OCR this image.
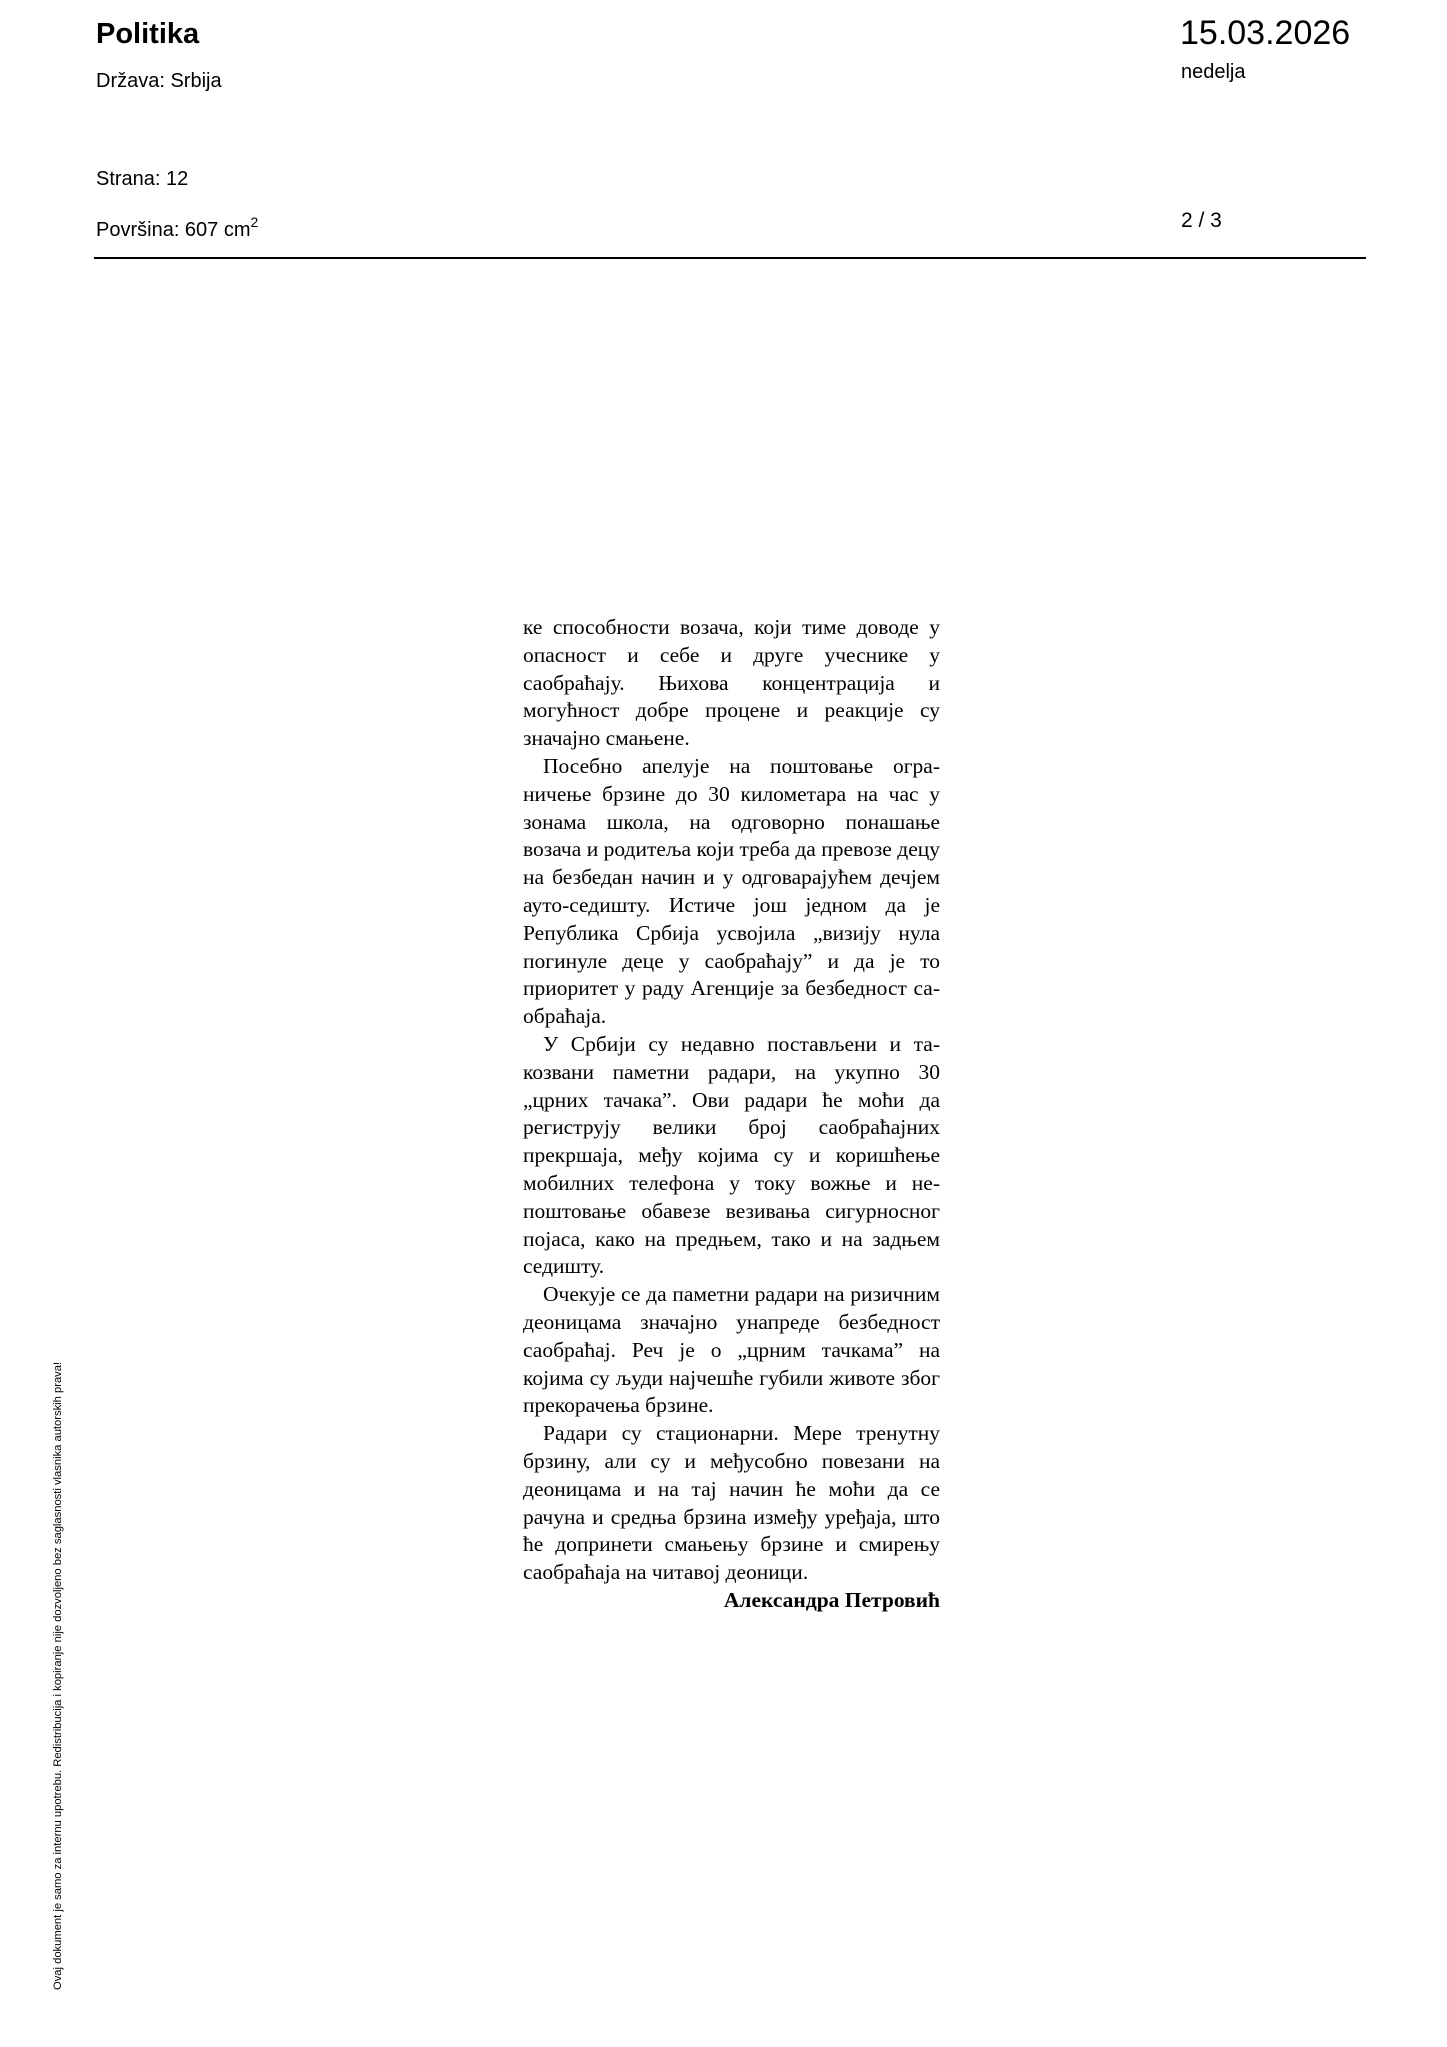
Politika
Država: Srbija
15.03.2026
nedelja
Strana: 12
Površina: 607 $cm^2$	2 / 3

ке способности возача, који тиме доводе у опасност и себе и друге учеснике у саобраћају. Њихова концентрација и могућност добре процене и реакције су значајно смањене.

Посебно апелује на поштовање ограничење брзине до 30 километара на час у зонама школа, на одговорно понашање возача и родитеља који треба да превозе децу на безбедан начин и у одговарајућем дечјем ауто-седишту. Истиче још једном да је Република Србија усвојила „визију нула погинуле деце у саобраћају” и да је то приоритет у раду Агенције за безбедност саобраћаја.

У Србији су недавно постављени и такозвани паметни радари, на укупно 30 „црних тачака”. Ови радари ће моћи да региструју велики број саобраћајних прекршаја, међу којима су и коришћење мобилних телефона у току вожње и непоштовање обавезе везивања сигурносног појаса, како на предњем, тако и на задњем седишту.

Очекује се да паметни радари на ризичним деоницама значајно унапреде безбедност саобраћај. Реч је о „црним тачкама” на којима су људи најчешће губили животе због прекорачења брзине.

Радари су стационарни. Мере тренутну брзину, али су и међусобно повезани на деоницама и на тај начин ће моћи да се рачуна и средња брзина између уређаја, што ће допринети смањењу брзине и смирењу саобраћаја на читавој деоници.
Александра Петровић

Ovaj dokument je samo za internu upotrebu. Redistribucija i kopiranje nije dozvoljeno bez saglasnosti vlasnika autorskih prava!
